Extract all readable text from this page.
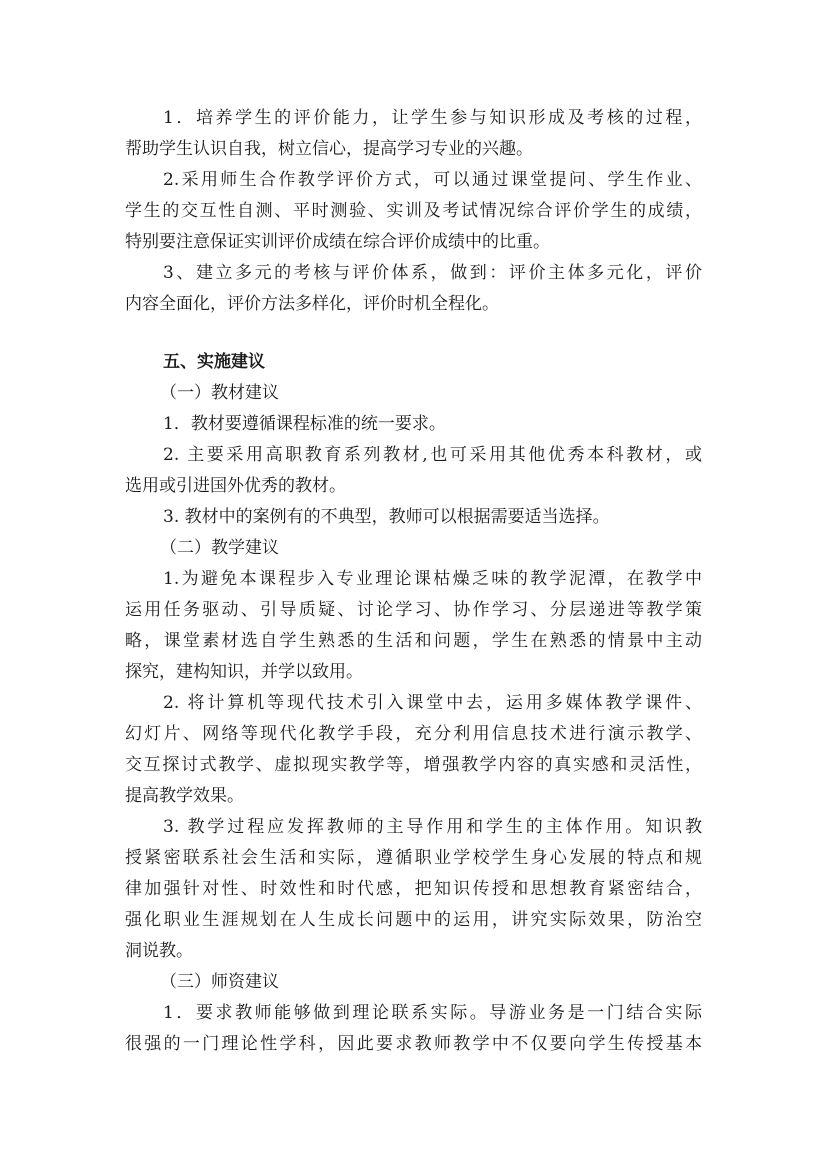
1．培养学生的评价能力，让学生参与知识形成及考核的过程，
帮助学生认识自我，树立信心，提高学习专业的兴趣。
2.采用师生合作教学评价方式，可以通过课堂提问、学生作业、
学生的交互性自测、平时测验、实训及考试情况综合评价学生的成绩，
特别要注意保证实训评价成绩在综合评价成绩中的比重。
3、建立多元的考核与评价体系，做到：评价主体多元化，评价
内容全面化，评价方法多样化，评价时机全程化。
五、实施建议
（一）教材建议
1．教材要遵循课程标准的统一要求。
2. 主要采用高职教育系列教材,也可采用其他优秀本科教材，或
选用或引进国外优秀的教材。
3. 教材中的案例有的不典型，教师可以根据需要适当选择。
（二）教学建议
1.为避免本课程步入专业理论课枯燥乏味的教学泥潭，在教学中
运用任务驱动、引导质疑、讨论学习、协作学习、分层递进等教学策
略，课堂素材选自学生熟悉的生活和问题，学生在熟悉的情景中主动
探究，建构知识，并学以致用。
2. 将计算机等现代技术引入课堂中去，运用多媒体教学课件、
幻灯片、网络等现代化教学手段，充分利用信息技术进行演示教学、
交互探讨式教学、虚拟现实教学等，增强教学内容的真实感和灵活性，
提高教学效果。
3. 教学过程应发挥教师的主导作用和学生的主体作用。知识教
授紧密联系社会生活和实际，遵循职业学校学生身心发展的特点和规
律加强针对性、时效性和时代感，把知识传授和思想教育紧密结合，
强化职业生涯规划在人生成长问题中的运用，讲究实际效果，防治空
洞说教。
（三）师资建议
1．要求教师能够做到理论联系实际。导游业务是一门结合实际
很强的一门理论性学科，因此要求教师教学中不仅要向学生传授基本
